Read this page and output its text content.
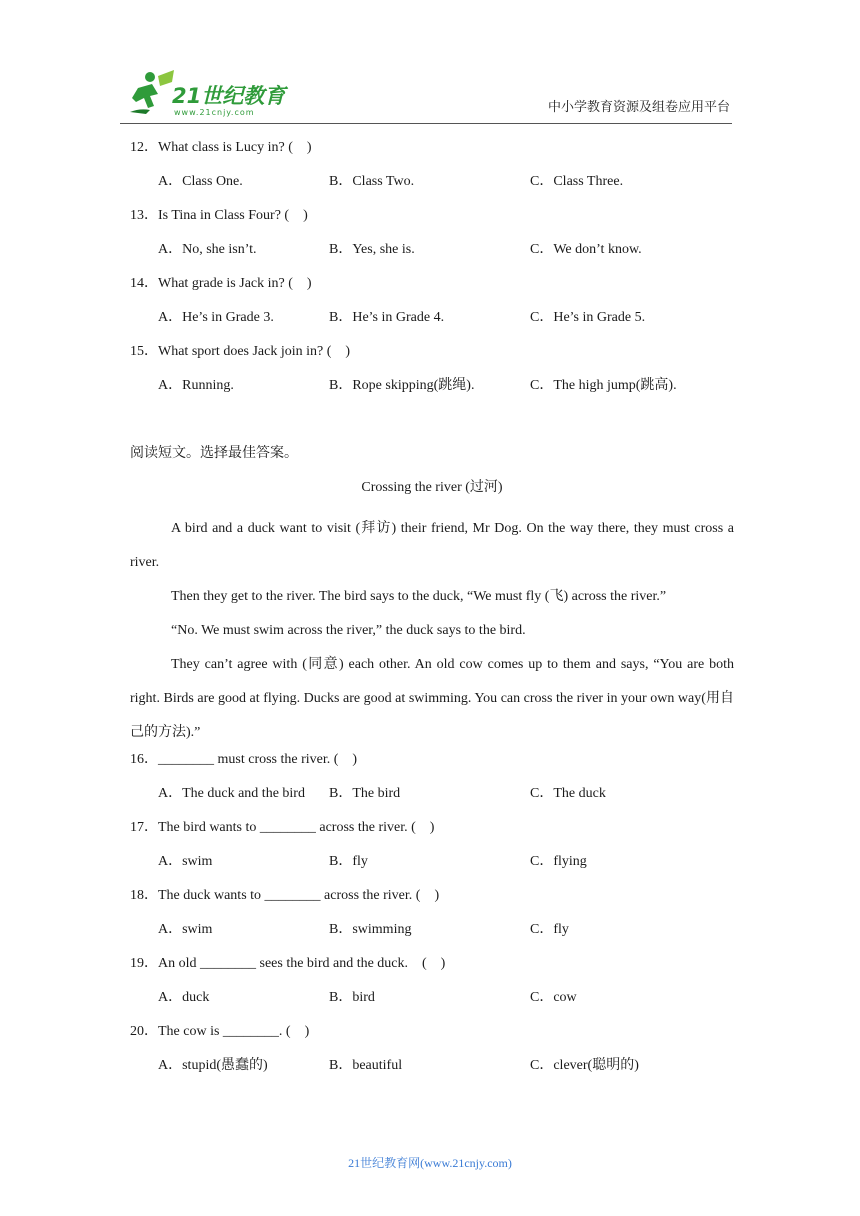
21世纪教育
www.21cnjy.com	中小学教育资源及组卷应用平台
12．What class is Lucy in? (　)
A．Class One.	B．Class Two.	C．Class Three.
13．Is Tina in Class Four? (　)
A．No, she isn’t.	B．Yes, she is.	C．We don’t know.
14．What grade is Jack in? (　)
A．He’s in Grade 3.	B．He’s in Grade 4.	C．He’s in Grade 5.
15．What sport does Jack join in? (　)
A．Running.	B．Rope skipping(跳绳).	C．The high jump(跳高).
阅读短文。选择最佳答案。
Crossing the river (过河)

A bird and a duck want to visit (拜访) their friend, Mr Dog. On the way there, they must cross a river.

Then they get to the river. The bird says to the duck, “We must fly (飞) across the river.”

“No. We must swim across the river,” the duck says to the bird.

They can’t agree with (同意) each other. An old cow comes up to them and says, “You are both right. Birds are good at flying. Ducks are good at swimming. You can cross the river in your own way(用自己的方法).”

16．________ must cross the river. (　)
A．The duck and the bird B．The bird	C．The duck
17．The bird wants to ________ across the river. (　)
A．swim	B．fly	C．flying
18．The duck wants to ________ across the river. (　)
A．swim	B．swimming	C．fly
19．An old ________ sees the bird and the duck.　(　)
A．duck	B．bird	C．cow
20．The cow is ________. (　)
A．stupid(愚蠢的)	B．beautiful	C．clever(聪明的)
21世纪教育网(www.21cnjy.com)
